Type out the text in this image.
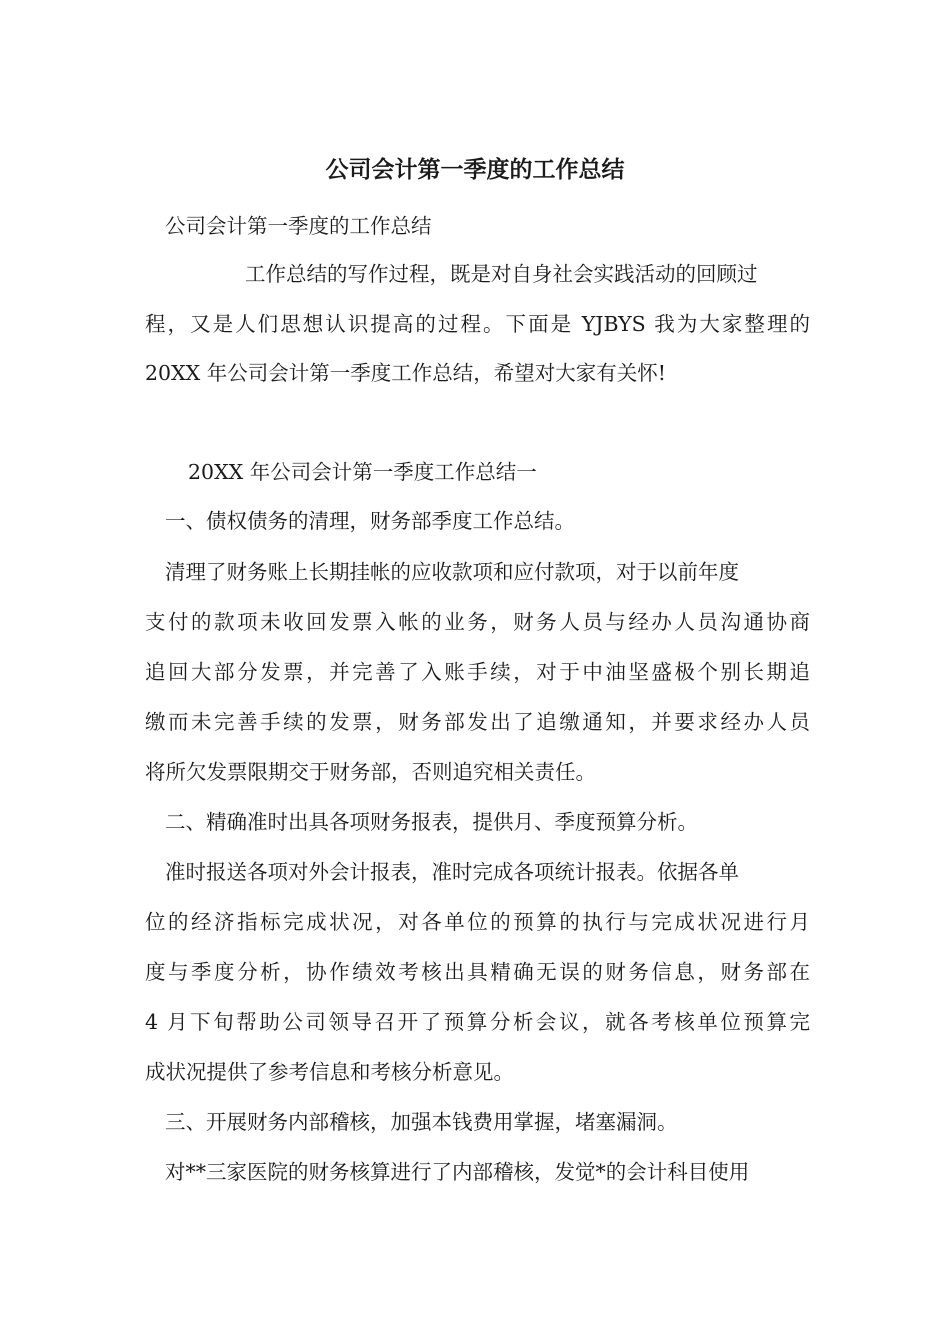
公司会计第一季度的工作总结
公司会计第一季度的工作总结
工作总结的写作过程，既是对自身社会实践活动的回顾过
程，又是人们思想认识提高的过程。下面是 YJBYS 我为大家整理的
20XX 年公司会计第一季度工作总结，希望对大家有关怀!
20XX 年公司会计第一季度工作总结一
一、债权债务的清理，财务部季度工作总结。
清理了财务账上长期挂帐的应收款项和应付款项，对于以前年度
支付的款项未收回发票入帐的业务，财务人员与经办人员沟通协商
追回大部分发票，并完善了入账手续，对于中油坚盛极个别长期追
缴而未完善手续的发票，财务部发出了追缴通知，并要求经办人员
将所欠发票限期交于财务部，否则追究相关责任。
二、精确准时出具各项财务报表，提供月、季度预算分析。
准时报送各项对外会计报表，准时完成各项统计报表。依据各单
位的经济指标完成状况，对各单位的预算的执行与完成状况进行月
度与季度分析，协作绩效考核出具精确无误的财务信息，财务部在
4 月下旬帮助公司领导召开了预算分析会议，就各考核单位预算完
成状况提供了参考信息和考核分析意见。
三、开展财务内部稽核，加强本钱费用掌握，堵塞漏洞。
对**三家医院的财务核算进行了内部稽核，发觉*的会计科目使用
